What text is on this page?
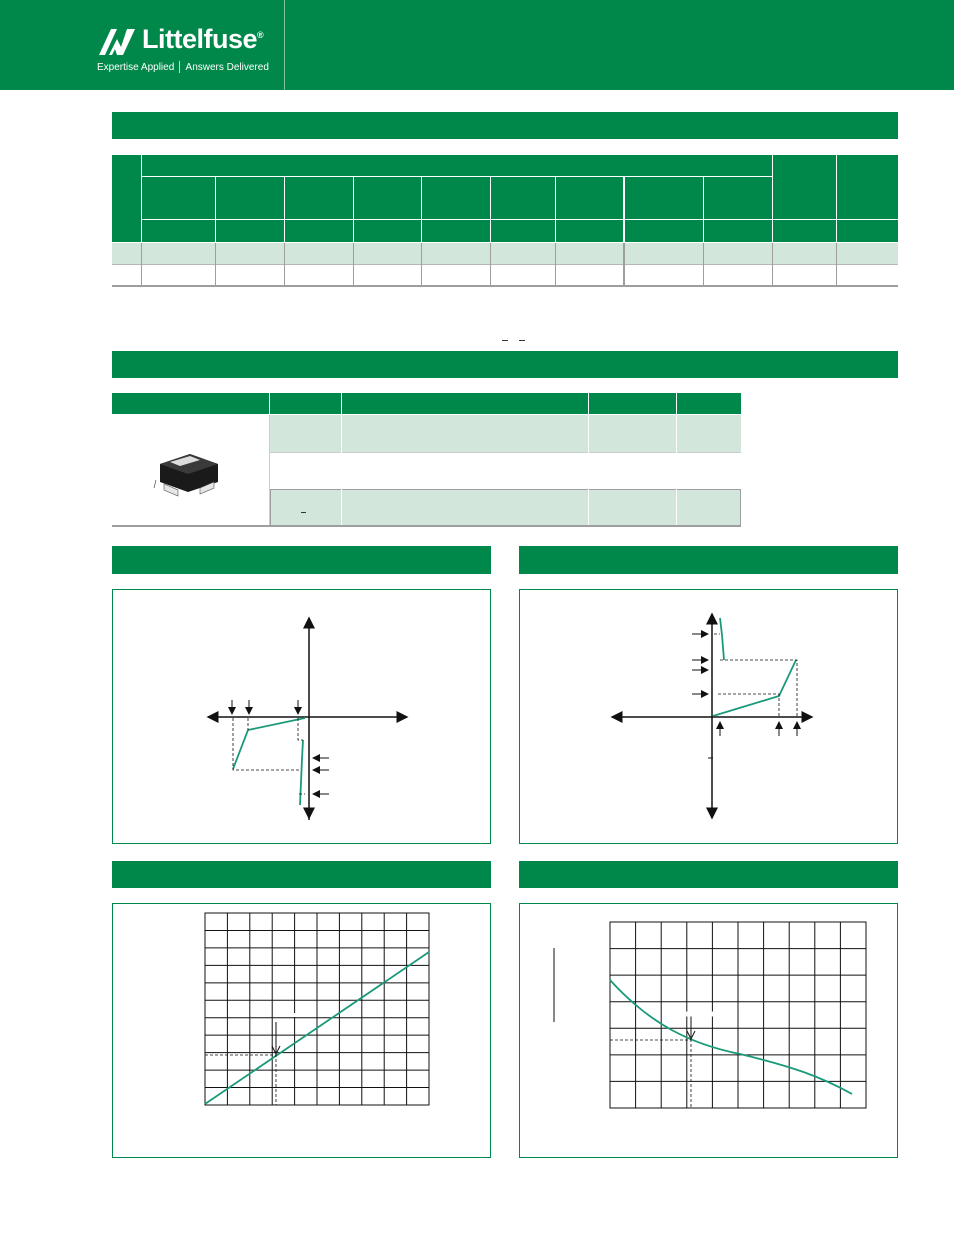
Littelfuse®
Expertise Applied │ Answers Delivered
